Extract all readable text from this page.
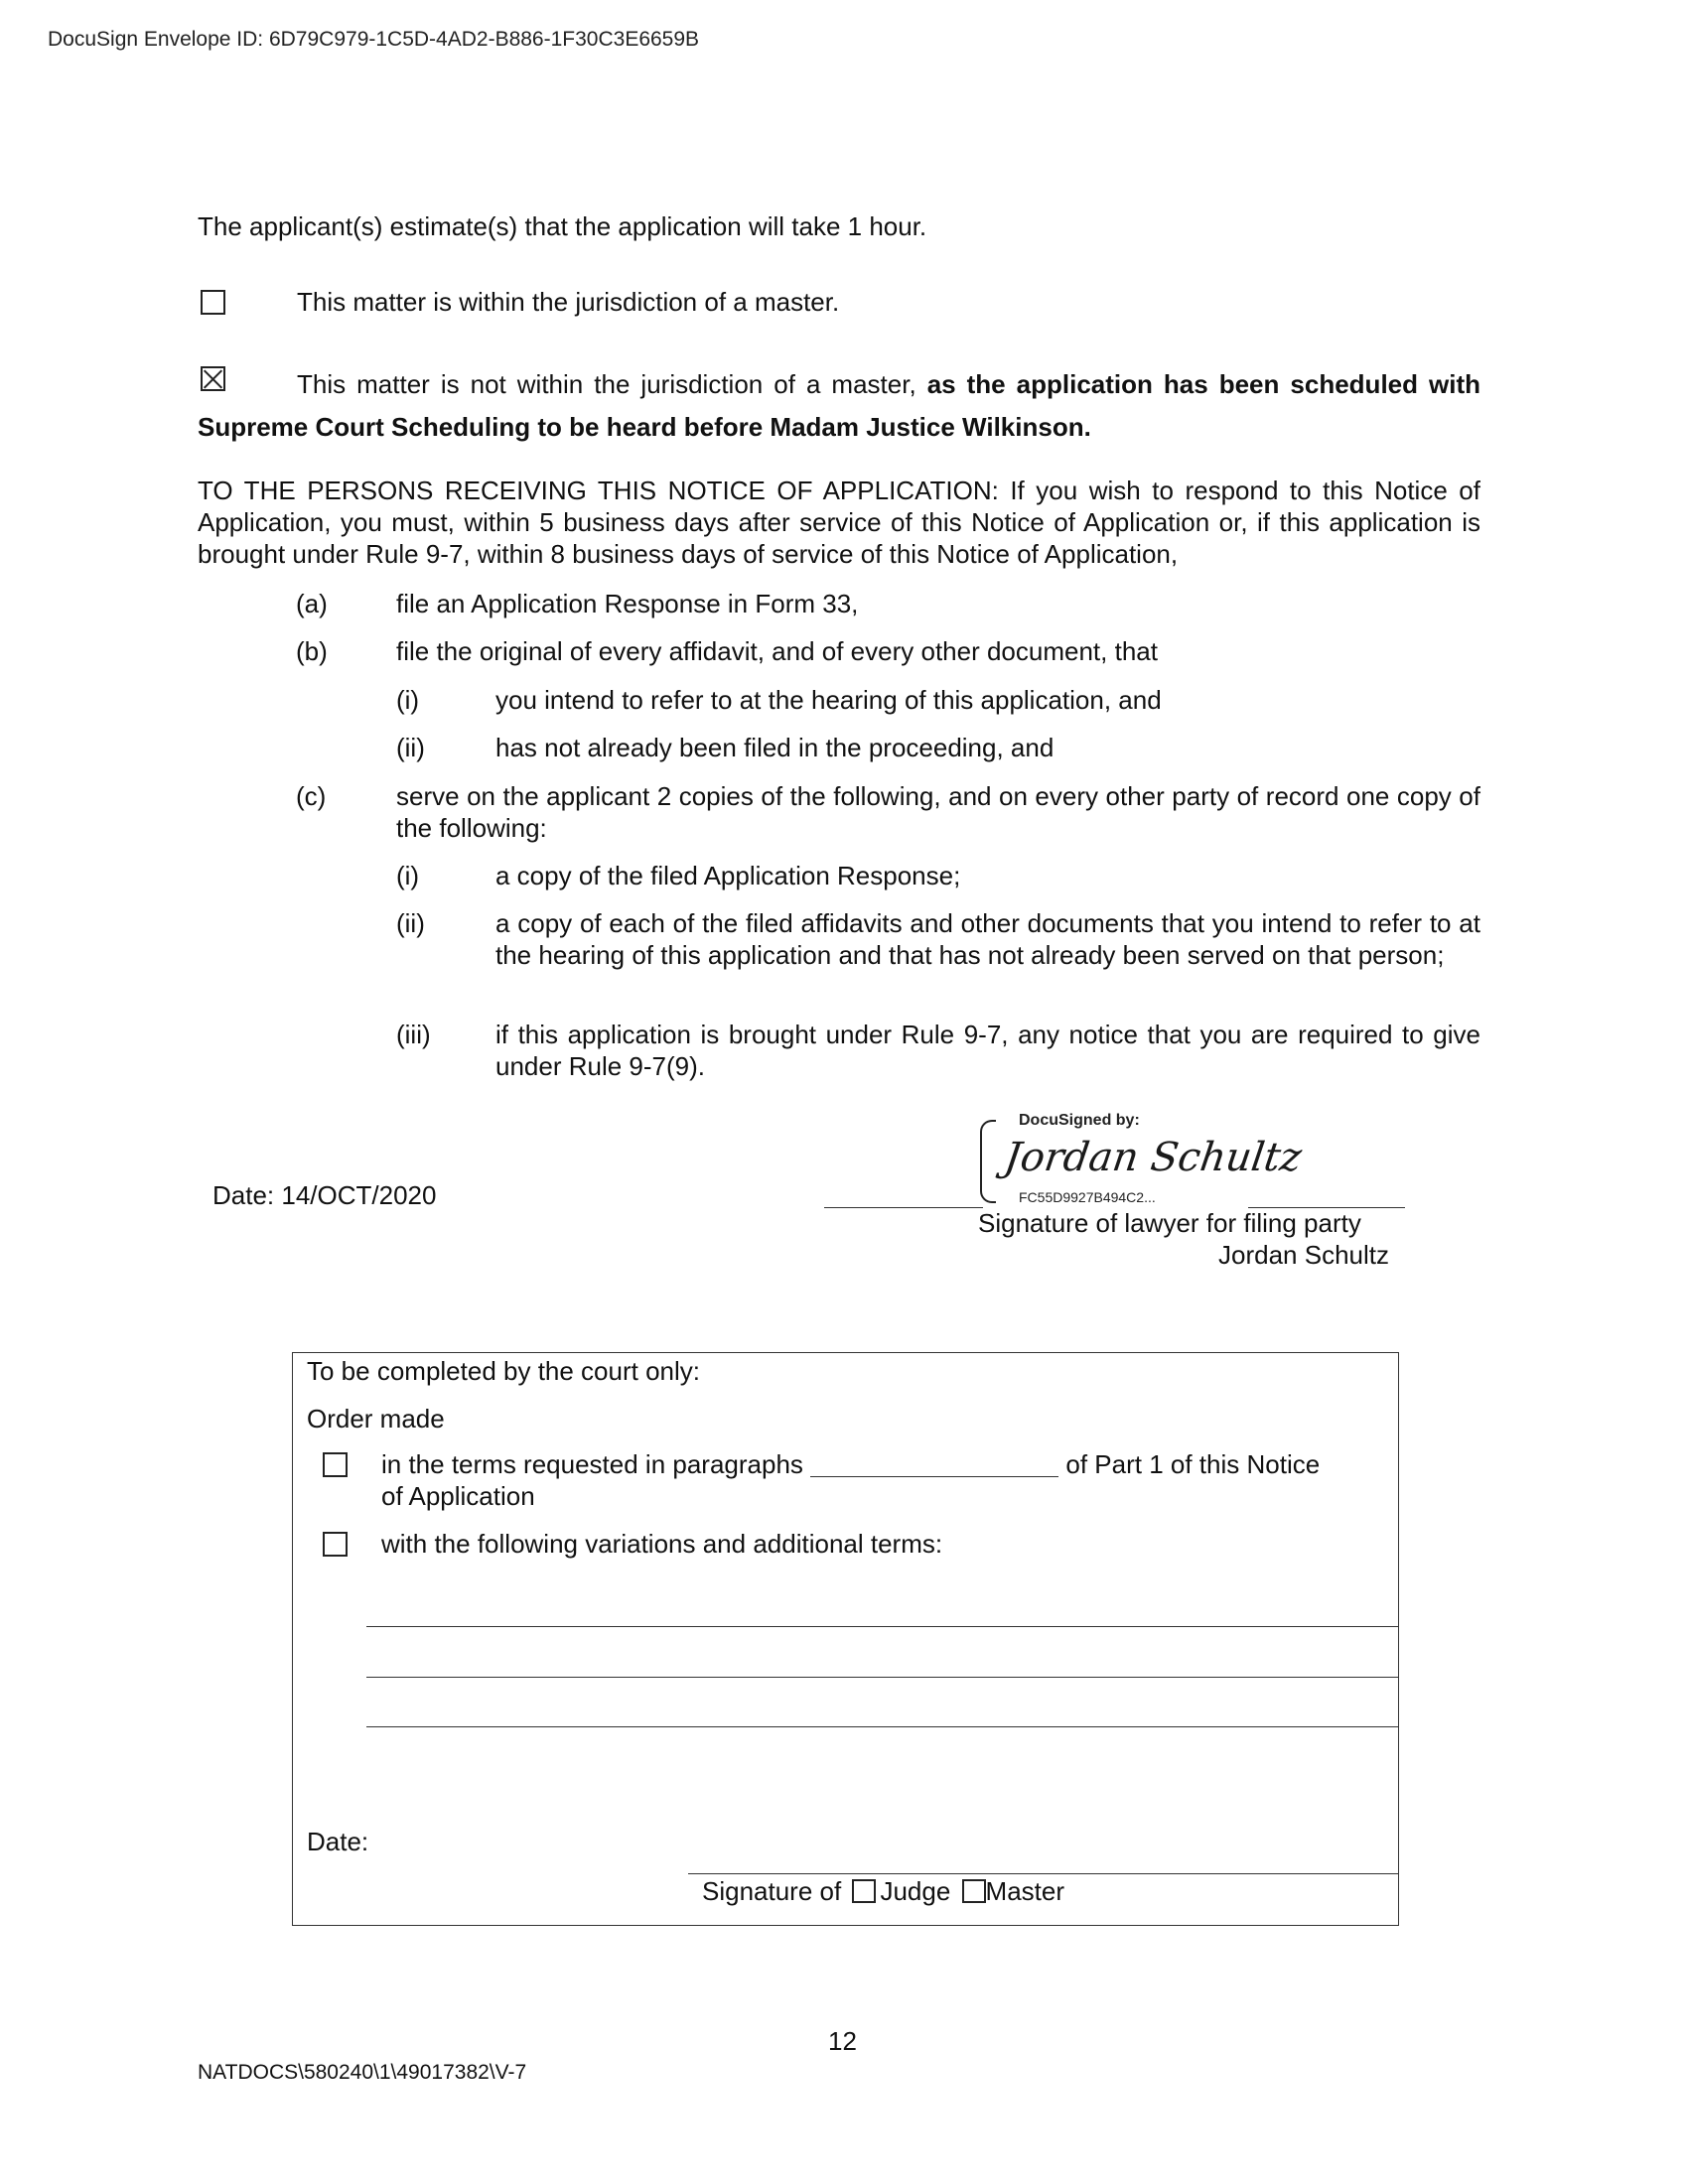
DocuSign Envelope ID: 6D79C979-1C5D-4AD2-B886-1F30C3E6659B
The applicant(s) estimate(s) that the application will take 1 hour.
This matter is within the jurisdiction of a master.
This matter is not within the jurisdiction of a master, as the application has been scheduled with Supreme Court Scheduling to be heard before Madam Justice Wilkinson.
TO THE PERSONS RECEIVING THIS NOTICE OF APPLICATION: If you wish to respond to this Notice of Application, you must, within 5 business days after service of this Notice of Application or, if this application is brought under Rule 9-7, within 8 business days of service of this Notice of Application,
(a)	file an Application Response in Form 33,
(b)	file the original of every affidavit, and of every other document, that
(i)	you intend to refer to at the hearing of this application, and
(ii)	has not already been filed in the proceeding, and
(c)	serve on the applicant 2 copies of the following, and on every other party of record one copy of the following:
(i)	a copy of the filed Application Response;
(ii)	a copy of each of the filed affidavits and other documents that you intend to refer to at the hearing of this application and that has not already been served on that person;
(iii)	if this application is brought under Rule 9-7, any notice that you are required to give under Rule 9-7(9).
Date: 14/OCT/2020
DocuSigned by:
Jordan Schultz
FC55D9927B494C2...
Signature of lawyer for filing party
Jordan Schultz
To be completed by the court only:
Order made
in the terms requested in paragraphs	of Part 1 of this Notice
of Application
with the following variations and additional terms:
Date:
Signature of Judge Master
12
NATDOCS\580240\1\49017382\V-7
